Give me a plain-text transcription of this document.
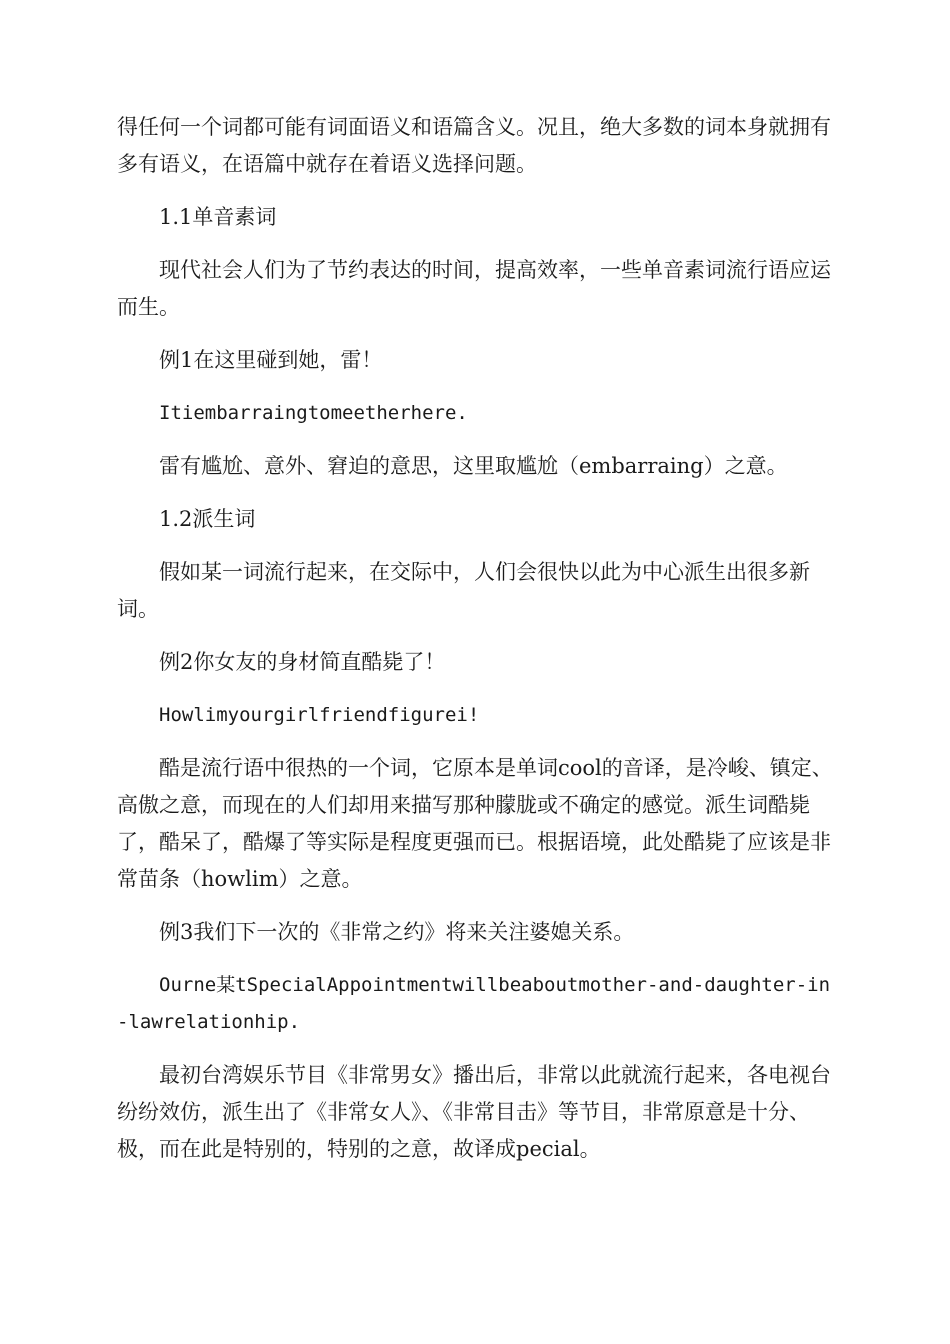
得任何一个词都可能有词面语义和语篇含义。况且，绝大多数的词本身就拥有多有语义，在语篇中就存在着语义选择问题。

1.1单音素词

现代社会人们为了节约表达的时间，提高效率，一些单音素词流行语应运而生。

例1在这里碰到她，雷！

Itiembarraingtomeetherhere.

雷有尴尬、意外、窘迫的意思，这里取尴尬（embarraing）之意。

1.2派生词

假如某一词流行起来，在交际中，人们会很快以此为中心派生出很多新词。

例2你女友的身材简直酷毙了！

Howlimyourgirlfriendfigurei!

酷是流行语中很热的一个词，它原本是单词cool的音译，是冷峻、镇定、高傲之意，而现在的人们却用来描写那种朦胧或不确定的感觉。派生词酷毙了，酷呆了，酷爆了等实际是程度更强而已。根据语境，此处酷毙了应该是非常苗条（howlim）之意。

例3我们下一次的《非常之约》将来关注婆媳关系。

Ourne某tSpecialAppointmentwillbeaboutmother-and-daughter-in-lawrelationhip.

最初台湾娱乐节目《非常男女》播出后，非常以此就流行起来，各电视台纷纷效仿，派生出了《非常女人》、《非常目击》等节目，非常原意是十分、极，而在此是特别的，特别的之意，故译成pecial。
